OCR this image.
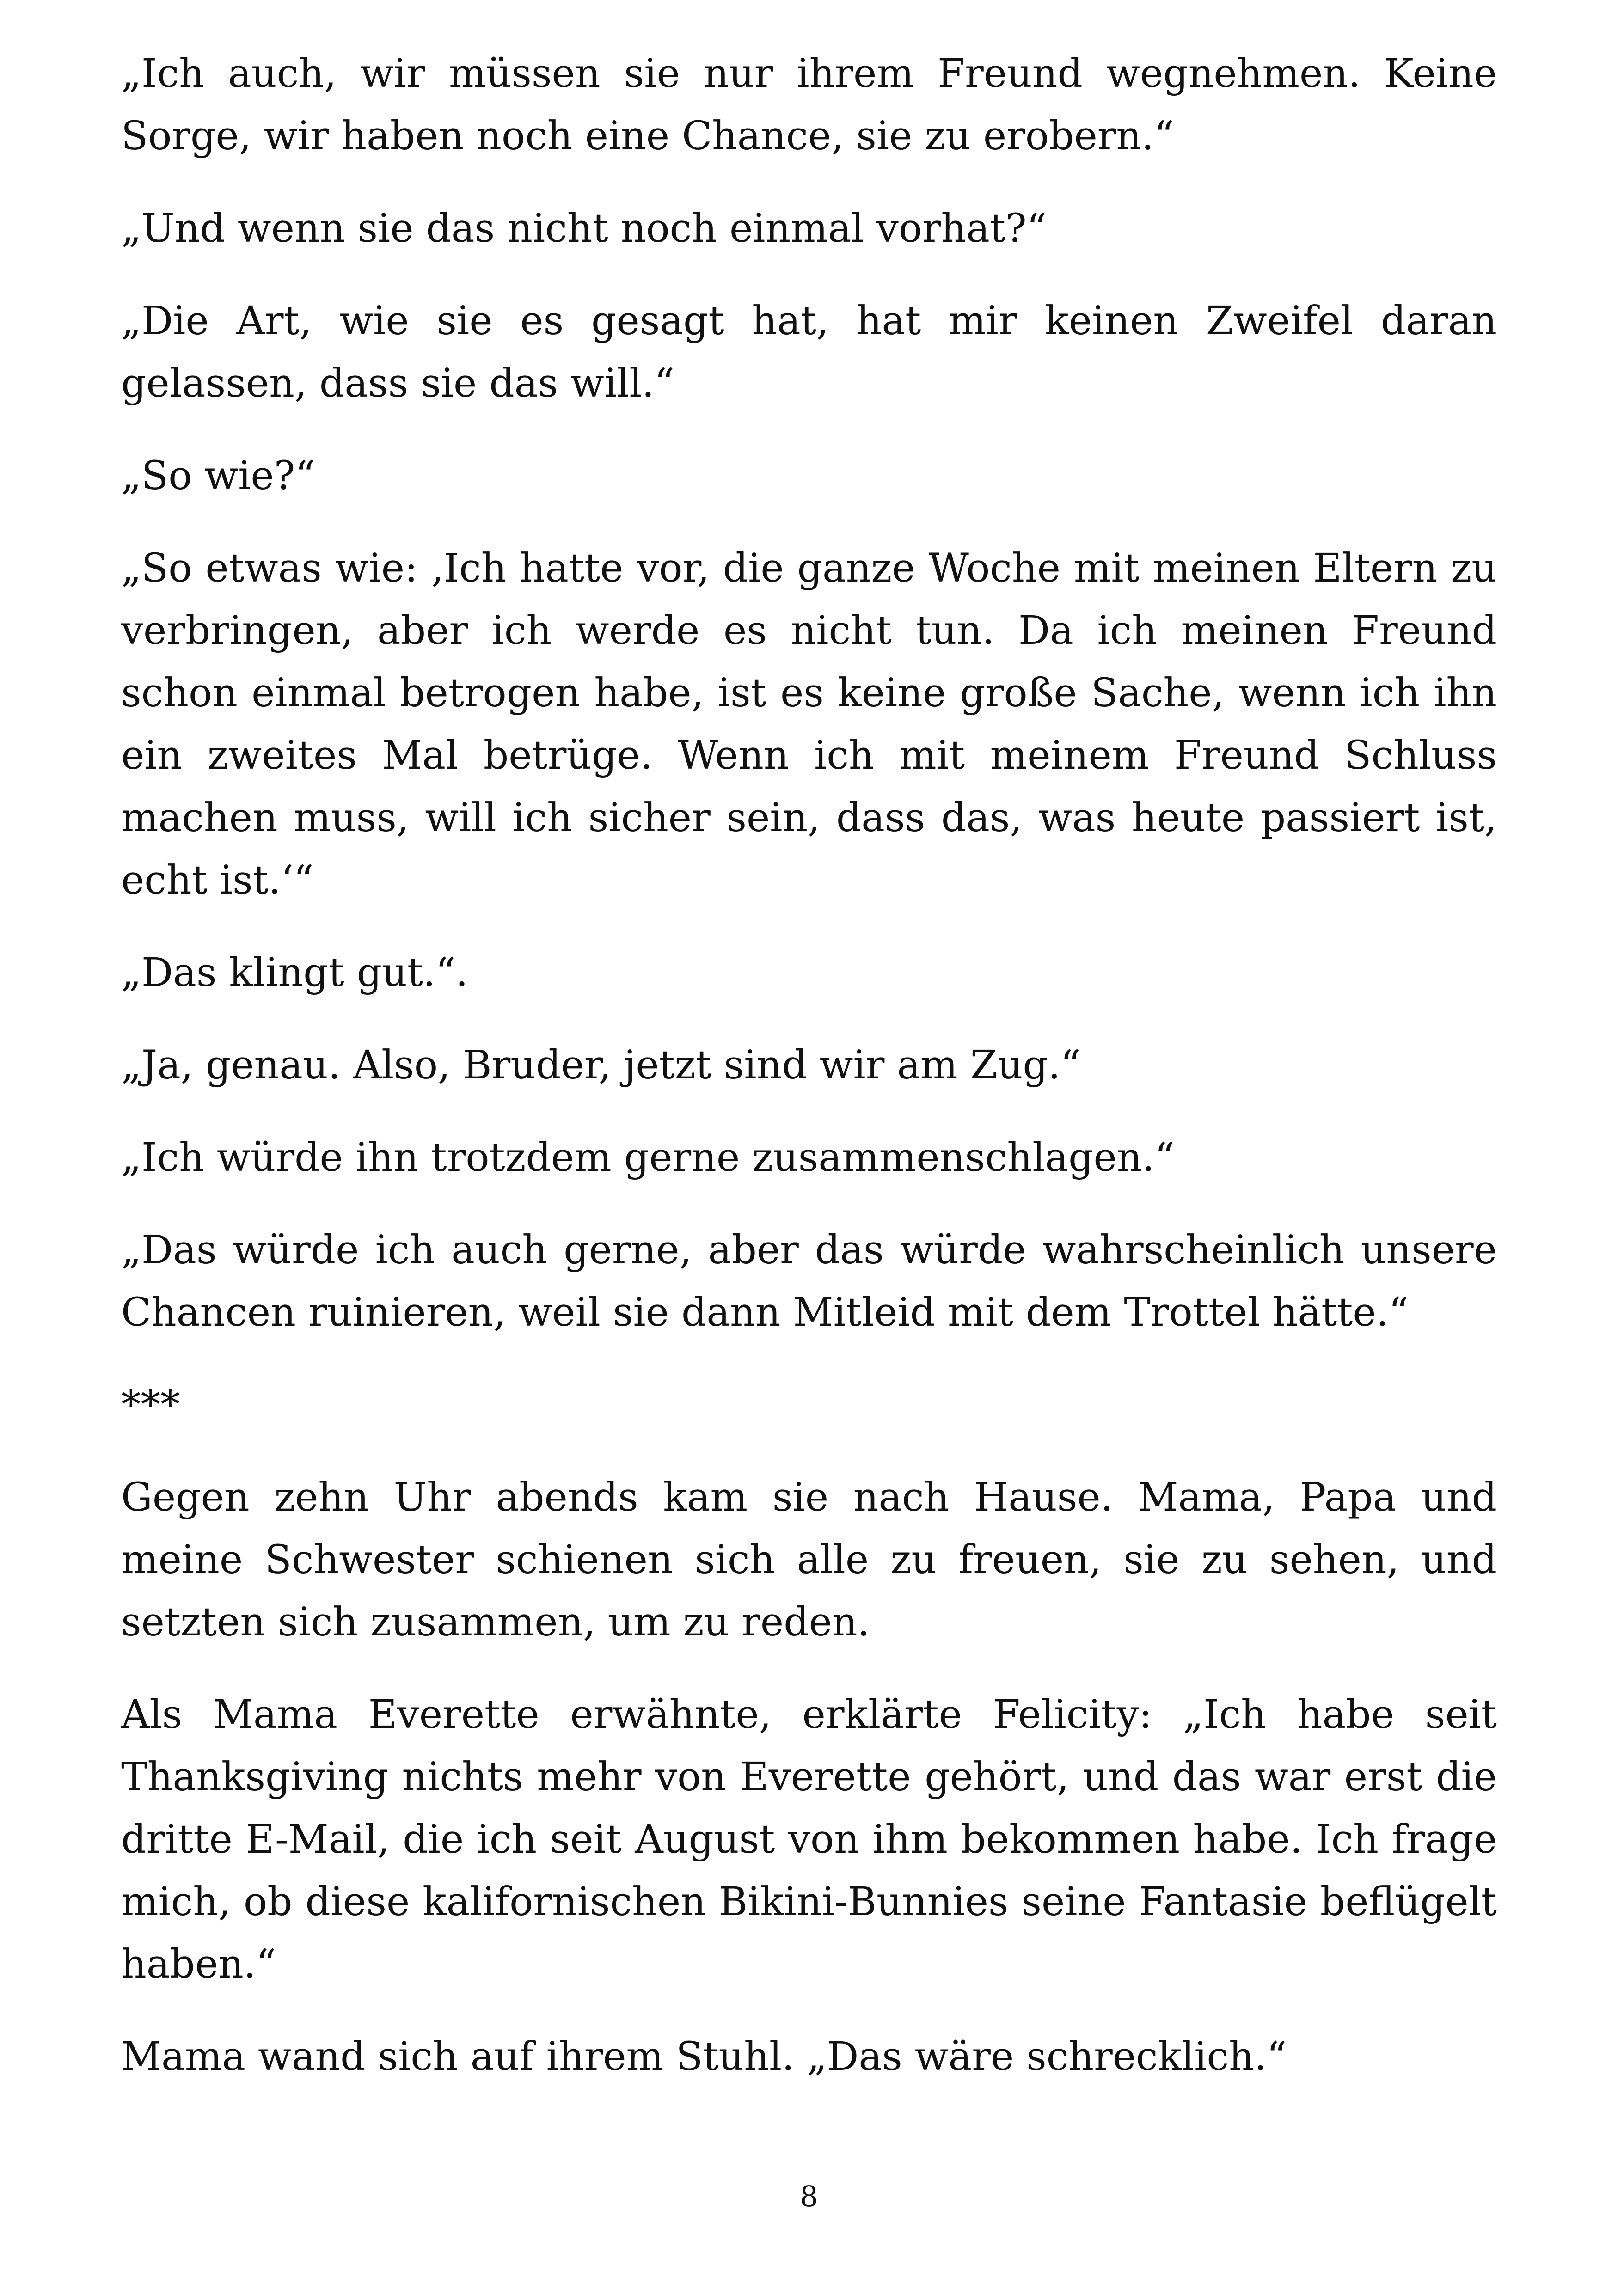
„Ich auch, wir müssen sie nur ihrem Freund wegnehmen. Keine Sorge, wir haben noch eine Chance, sie zu erobern.“

„Und wenn sie das nicht noch einmal vorhat?“

„Die Art, wie sie es gesagt hat, hat mir keinen Zweifel daran gelassen, dass sie das will.“

„So wie?“

„So etwas wie: ‚Ich hatte vor, die ganze Woche mit meinen Eltern zu verbringen, aber ich werde es nicht tun. Da ich meinen Freund schon einmal betrogen habe, ist es keine große Sache, wenn ich ihn ein zweites Mal betrüge. Wenn ich mit meinem Freund Schluss machen muss, will ich sicher sein, dass das, was heute passiert ist, echt ist.‘“

„Das klingt gut.“.

„Ja, genau. Also, Bruder, jetzt sind wir am Zug.“

„Ich würde ihn trotzdem gerne zusammenschlagen.“

„Das würde ich auch gerne, aber das würde wahrscheinlich unsere Chancen ruinieren, weil sie dann Mitleid mit dem Trottel hätte.“

***

Gegen zehn Uhr abends kam sie nach Hause. Mama, Papa und meine Schwester schienen sich alle zu freuen, sie zu sehen, und setzten sich zusammen, um zu reden.

Als Mama Everette erwähnte, erklärte Felicity: „Ich habe seit Thanksgiving nichts mehr von Everette gehört, und das war erst die dritte E-Mail, die ich seit August von ihm bekommen habe. Ich frage mich, ob diese kalifornischen Bikini-Bunnies seine Fantasie beflügelt haben.“

Mama wand sich auf ihrem Stuhl. „Das wäre schrecklich.“

8
